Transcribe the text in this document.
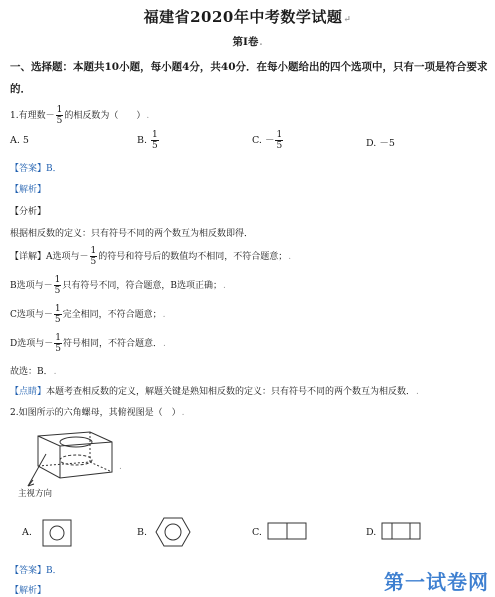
福建省2020年中考数学试题↵
第Ⅰ卷.
一、选择题：本题共10小题，每小题4分，共40分．在每小题给出的四个选项中，只有一项是符合要求的．
1.有理数－ $\frac{1}{5}$ 的相反数为（　　）.
A. 5	B. $\frac{1}{5}$	C. － $\frac{1}{5}$	D. －5
【答案】B．
【解析】
【分析】
根据相反数的定义：只有符号不同的两个数互为相反数即得．
【详解】A选项与－ $\frac{1}{5}$ 的符号和符号后的数值均不相同，不符合题意；.
B选项与－ $\frac{1}{5}$ 只有符号不同，符合题意，B选项正确；.
C选项与－ $\frac{1}{5}$ 完全相同，不符合题意；.
D选项与－ $\frac{1}{5}$ 符号相同，不符合题意．.
故选：B．.
【点睛】本题考查相反数的定义，解题关键是熟知相反数的定义：只有符号不同的两个数互为相反数．.
2.如图所示的六角螺母，其俯视图是（　）.
主视方向
.
A.	B.	C.	D.
【答案】B．
【解析】	第一试卷网
